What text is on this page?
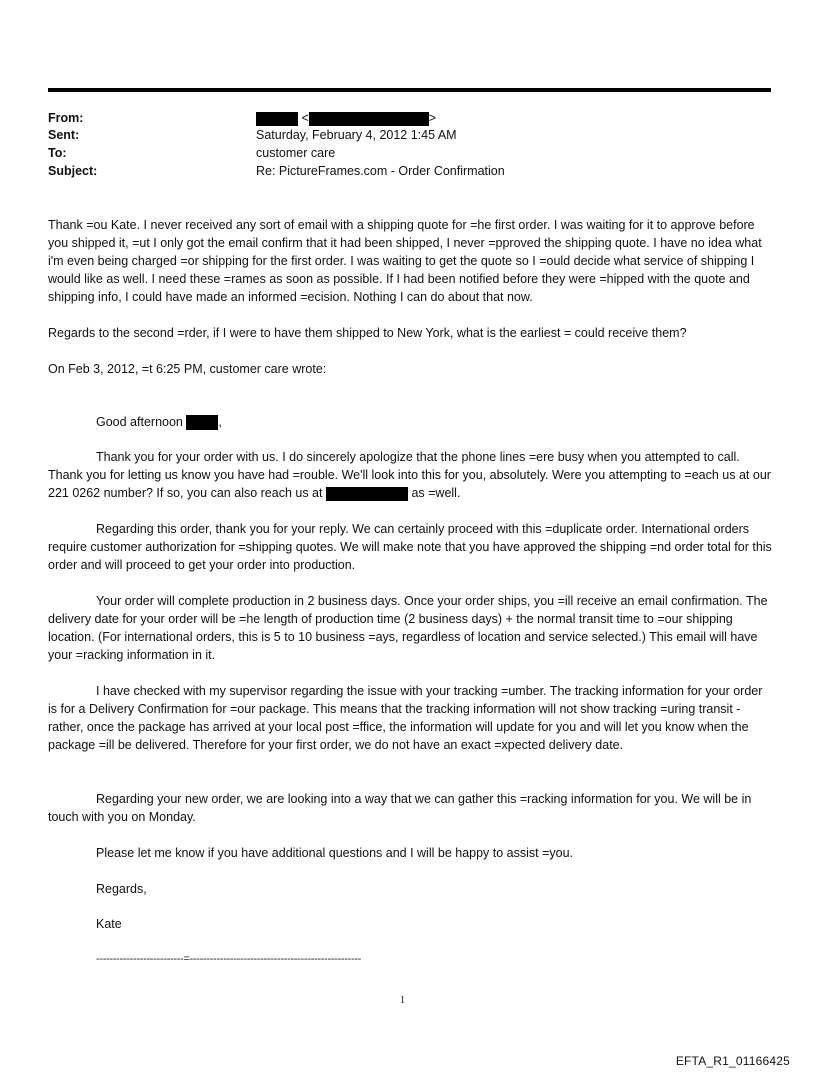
From:	<	>
Sent:	Saturday, February 4, 2012 1:45 AM
To:	customer care
Subject:	Re: PictureFrames.com - Order Confirmation

Thank =ou Kate. I never received any sort of email with a shipping quote for =he first order. I was waiting for it to approve before you shipped it, =ut I only got the email confirm that it had been shipped, I never =pproved the shipping quote. I have no idea what i'm even being charged =or shipping for the first order. I was waiting to get the quote so I =ould decide what service of shipping I would like as well. I need these =rames as soon as possible. If I had been notified before they were =hipped with the quote and shipping info, I could have made an informed =ecision. Nothing I can do about that now.

Regards to the second =rder, if I were to have them shipped to New York, what is the earliest = could receive them?

On Feb 3, 2012, =t 6:25 PM, customer care wrote:

Good afternoon	,

Thank you for your order with us. I do sincerely apologize that the phone lines =ere busy when you attempted to call. Thank you for letting us know you have had =rouble. We'll look into this for you, absolutely. Were you attempting to =each us at our 221 0262 number? If so, you can also reach us at	as =well.

Regarding this order, thank you for your reply. We can certainly proceed with this =duplicate order. International orders require customer authorization for =shipping quotes. We will make note that you have approved the shipping =nd order total for this order and will proceed to get your order into production.

Your order will complete production in 2 business days. Once your order ships, you =ill receive an email confirmation. The delivery date for your order will be =he length of production time (2 business days) + the normal transit time to =our shipping location. (For international orders, this is 5 to 10 business =ays, regardless of location and service selected.) This email will have your =racking information in it.

I have checked with my supervisor regarding the issue with your tracking =umber. The tracking information for your order is for a Delivery Confirmation for =our package. This means that the tracking information will not show tracking =uring transit - rather, once the package has arrived at your local post =ffice, the information will update for you and will let you know when the package =ill be delivered. Therefore for your first order, we do not have an exact =xpected delivery date.

Regarding your new order, we are looking into a way that we can gather this =racking information for you. We will be in touch with you on Monday.

Please let me know if you have additional questions and I will be happy to assist =you.
Regards,
Kate
--------------------------=---------------------------------------------------
1
EFTA_R1_01166425
